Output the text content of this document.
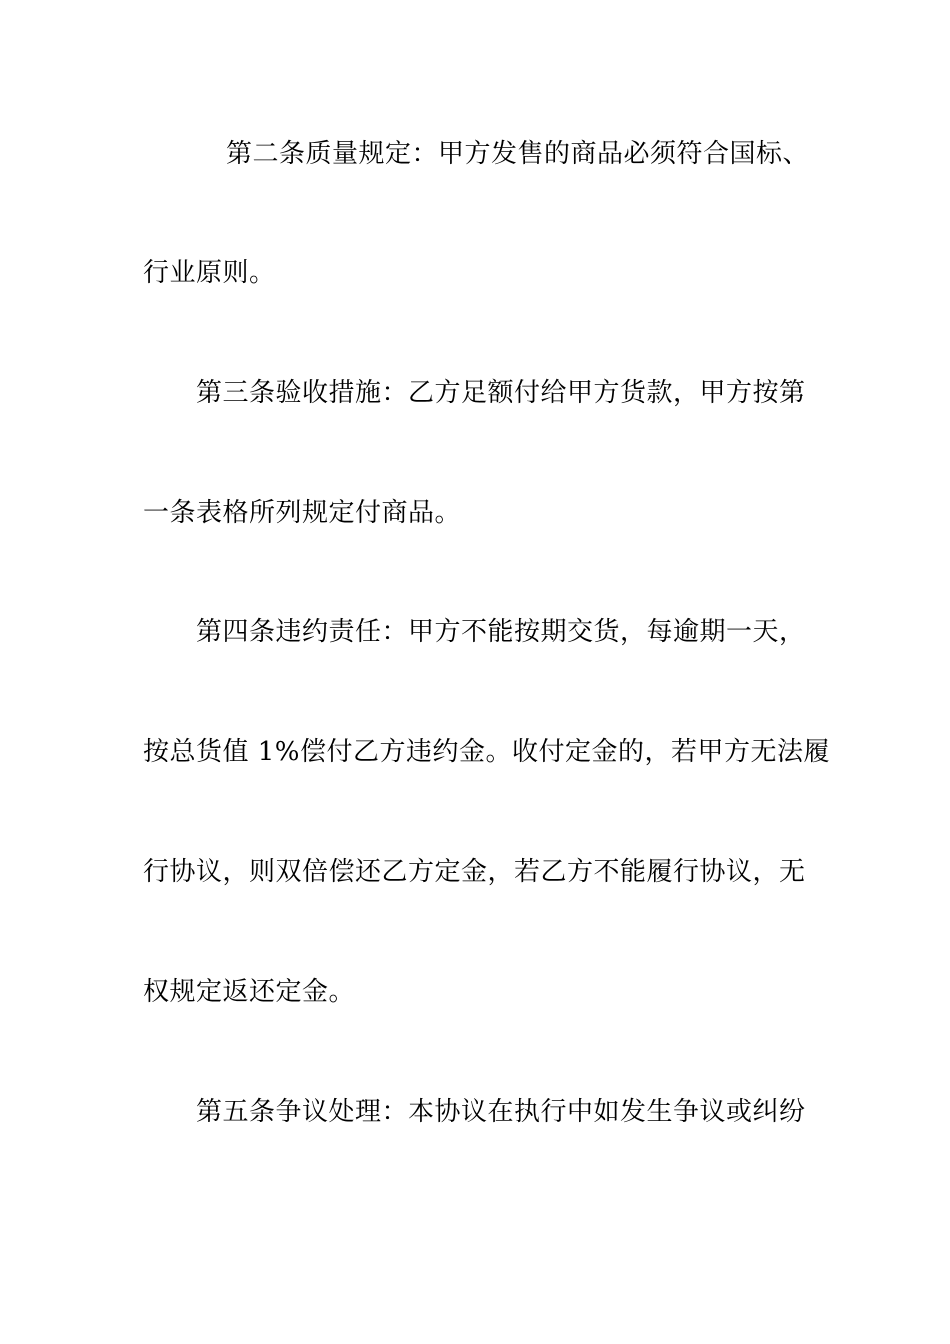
第二条质量规定：甲方发售的商品必须符合国标、
行业原则。
第三条验收措施：乙方足额付给甲方货款，甲方按第
一条表格所列规定付商品。
第四条违约责任：甲方不能按期交货，每逾期一天，
按总货值 1%偿付乙方违约金。收付定金的，若甲方无法履
行协议，则双倍偿还乙方定金，若乙方不能履行协议，无
权规定返还定金。
第五条争议处理：本协议在执行中如发生争议或纠纷
